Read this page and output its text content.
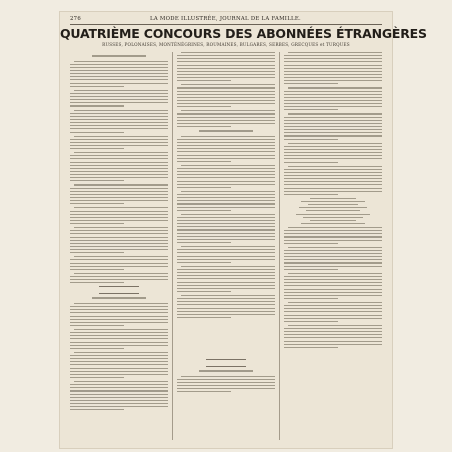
276	LA MODE ILLUSTRÉE, JOURNAL DE LA FAMILLE.
QUATRIÈME CONCOURS DES ABONNÉES ÉTRANGÈRES
RUSSES, POLONAISES, MONTÉNÉGRINES, ROUMAINES, BULGARES, SERBES, GRECQUES et TURQUES
